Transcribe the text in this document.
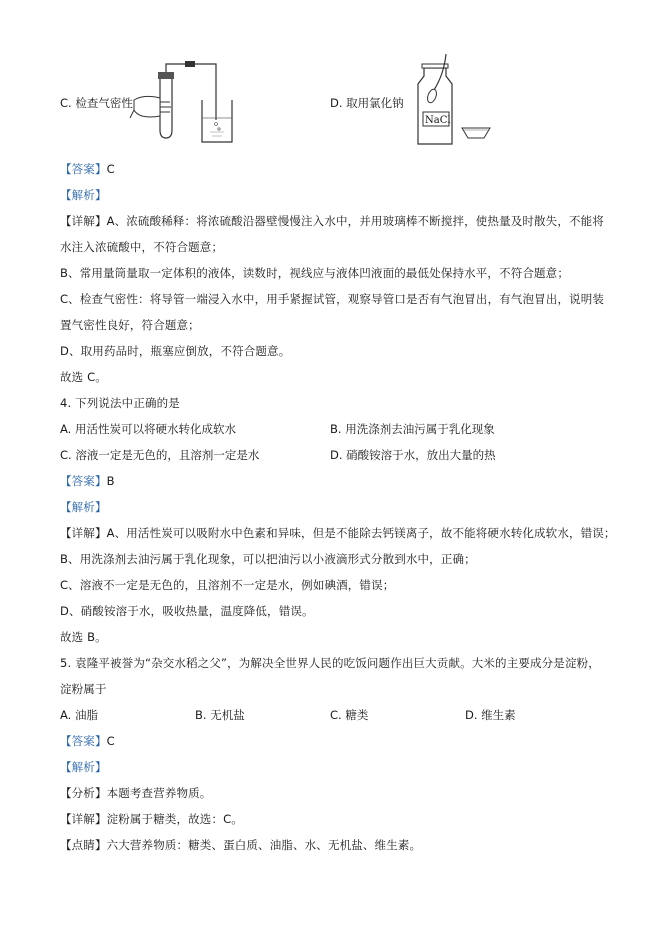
C. 检查气密性	D. 取用氯化钠
NaCl
【答案】C
【解析】
【详解】A、浓硫酸稀释：将浓硫酸沿器壁慢慢注入水中，并用玻璃棒不断搅拌，使热量及时散失，不能将
水注入浓硫酸中，不符合题意；
B、常用量筒量取一定体积的液体，读数时，视线应与液体凹液面的最低处保持水平，不符合题意；
C、检查气密性：将导管一端浸入水中，用手紧握试管，观察导管口是否有气泡冒出，有气泡冒出，说明装
置气密性良好，符合题意；
D、取用药品时，瓶塞应倒放，不符合题意。
故选 C。
4. 下列说法中正确的是
A. 用活性炭可以将硬水转化成软水	B. 用洗涤剂去油污属于乳化现象
C. 溶液一定是无色的，且溶剂一定是水	D. 硝酸铵溶于水，放出大量的热
【答案】B
【解析】
【详解】A、用活性炭可以吸附水中色素和异味，但是不能除去钙镁离子，故不能将硬水转化成软水，错误；
B、用洗涤剂去油污属于乳化现象，可以把油污以小液滴形式分散到水中，正确；
C、溶液不一定是无色的，且溶剂不一定是水，例如碘酒，错误；
D、硝酸铵溶于水，吸收热量，温度降低，错误。
故选 B。
5. 袁隆平被誉为“杂交水稻之父”，为解决全世界人民的吃饭问题作出巨大贡献。大米的主要成分是淀粉，
淀粉属于
A. 油脂	B. 无机盐	C. 糖类	D. 维生素
【答案】C
【解析】
【分析】本题考查营养物质。
【详解】淀粉属于糖类，故选：C。
【点睛】六大营养物质：糖类、蛋白质、油脂、水、无机盐、维生素。
